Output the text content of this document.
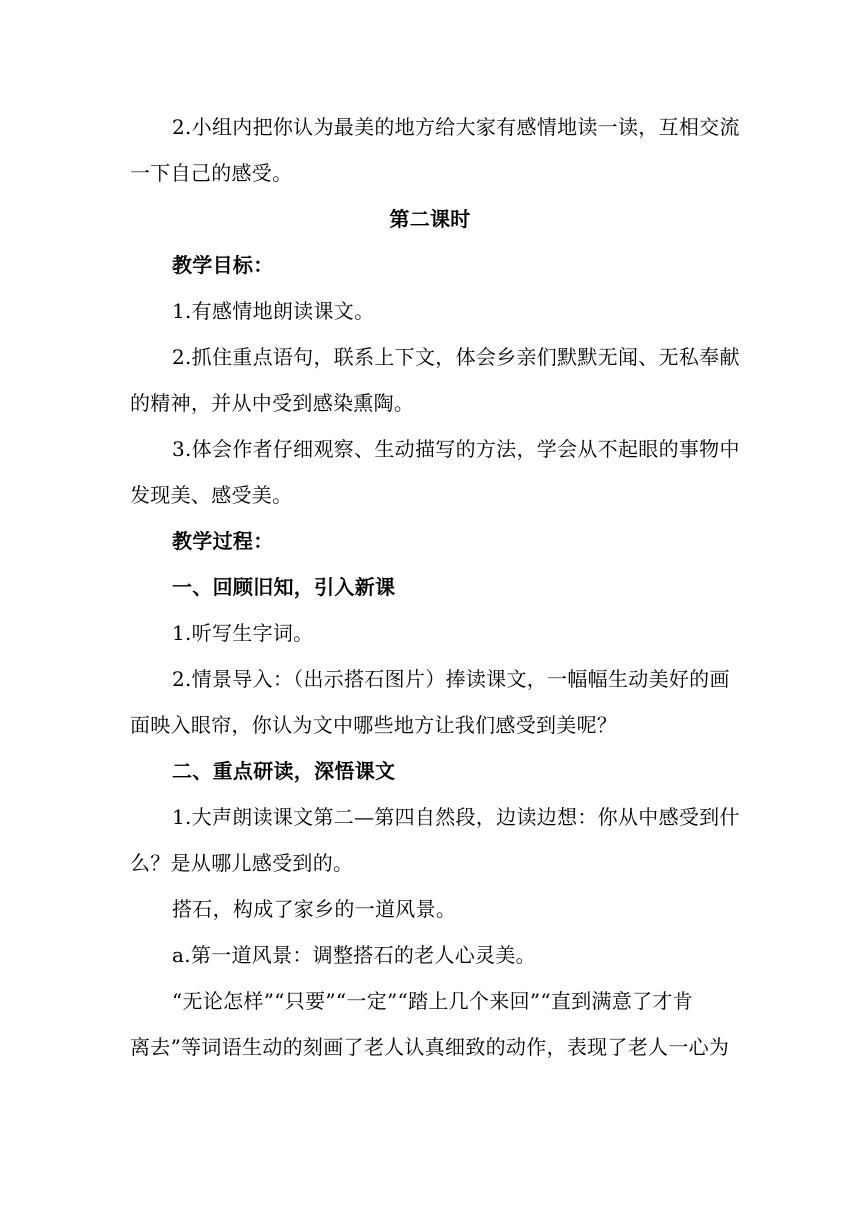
2.小组内把你认为最美的地方给大家有感情地读一读，互相交流

一下自己的感受。

第二课时

教学目标：

1.有感情地朗读课文。

2.抓住重点语句，联系上下文，体会乡亲们默默无闻、无私奉献

的精神，并从中受到感染熏陶。

3.体会作者仔细观察、生动描写的方法，学会从不起眼的事物中

发现美、感受美。

教学过程：

一、回顾旧知，引入新课

1.听写生字词。

2.情景导入：（出示搭石图片）捧读课文，一幅幅生动美好的画

面映入眼帘，你认为文中哪些地方让我们感受到美呢？

二、重点研读，深悟课文

1.大声朗读课文第二—第四自然段，边读边想：你从中感受到什

么？是从哪儿感受到的。

搭石，构成了家乡的一道风景。

a.第一道风景：调整搭石的老人心灵美。

“无论怎样”“只要”“一定”“踏上几个来回”“直到满意了才肯

离去”等词语生动的刻画了老人认真细致的动作，表现了老人一心为
